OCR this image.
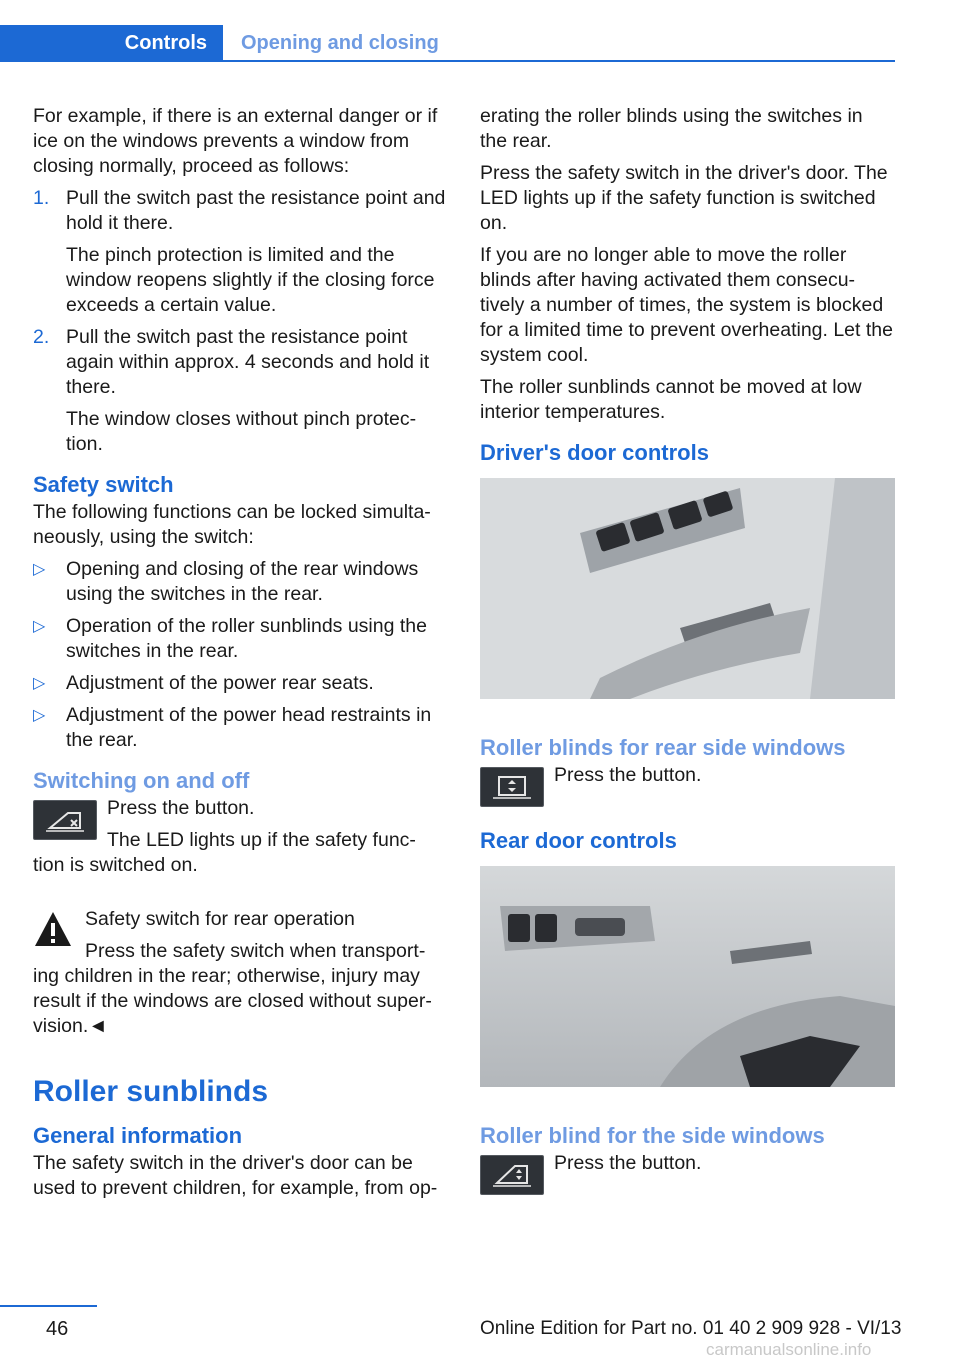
Controls	Opening and closing

For example, if there is an external danger or if ice on the windows prevents a window from closing normally, proceed as follows:

1. Pull the switch past the resistance point and hold it there.

The pinch protection is limited and the window reopens slightly if the closing force exceeds a certain value.

2. Pull the switch past the resistance point again within approx. 4 seconds and hold it there.

The window closes without pinch protec-tion.

Safety switch

The following functions can be locked simulta-neously, using the switch:

▷ Opening and closing of the rear windows using the switches in the rear.

▷ Operation of the roller sunblinds using the switches in the rear.

▷ Adjustment of the power rear seats.

▷ Adjustment of the power head restraints in the rear.

Switching on and off

Press the button.

The LED lights up if the safety func-tion is switched on.

Safety switch for rear operation

Press the safety switch when transport-ing children in the rear; otherwise, injury may result if the windows are closed without super-vision.◄

Roller sunblinds
General information

The safety switch in the driver's door can be used to prevent children, for example, from op-

erating the roller blinds using the switches in the rear.

Press the safety switch in the driver's door. The LED lights up if the safety function is switched on.

If you are no longer able to move the roller blinds after having activated them consecu-tively a number of times, the system is blocked for a limited time to prevent overheating. Let the system cool.

The roller sunblinds cannot be moved at low interior temperatures.

Driver's door controls
Roller blinds for rear side windows

Press the button.

Rear door controls
Roller blind for the side windows

Press the button.

46	Online Edition for Part no. 01 40 2 909 928 - VI/13
carmanualsonline.info
